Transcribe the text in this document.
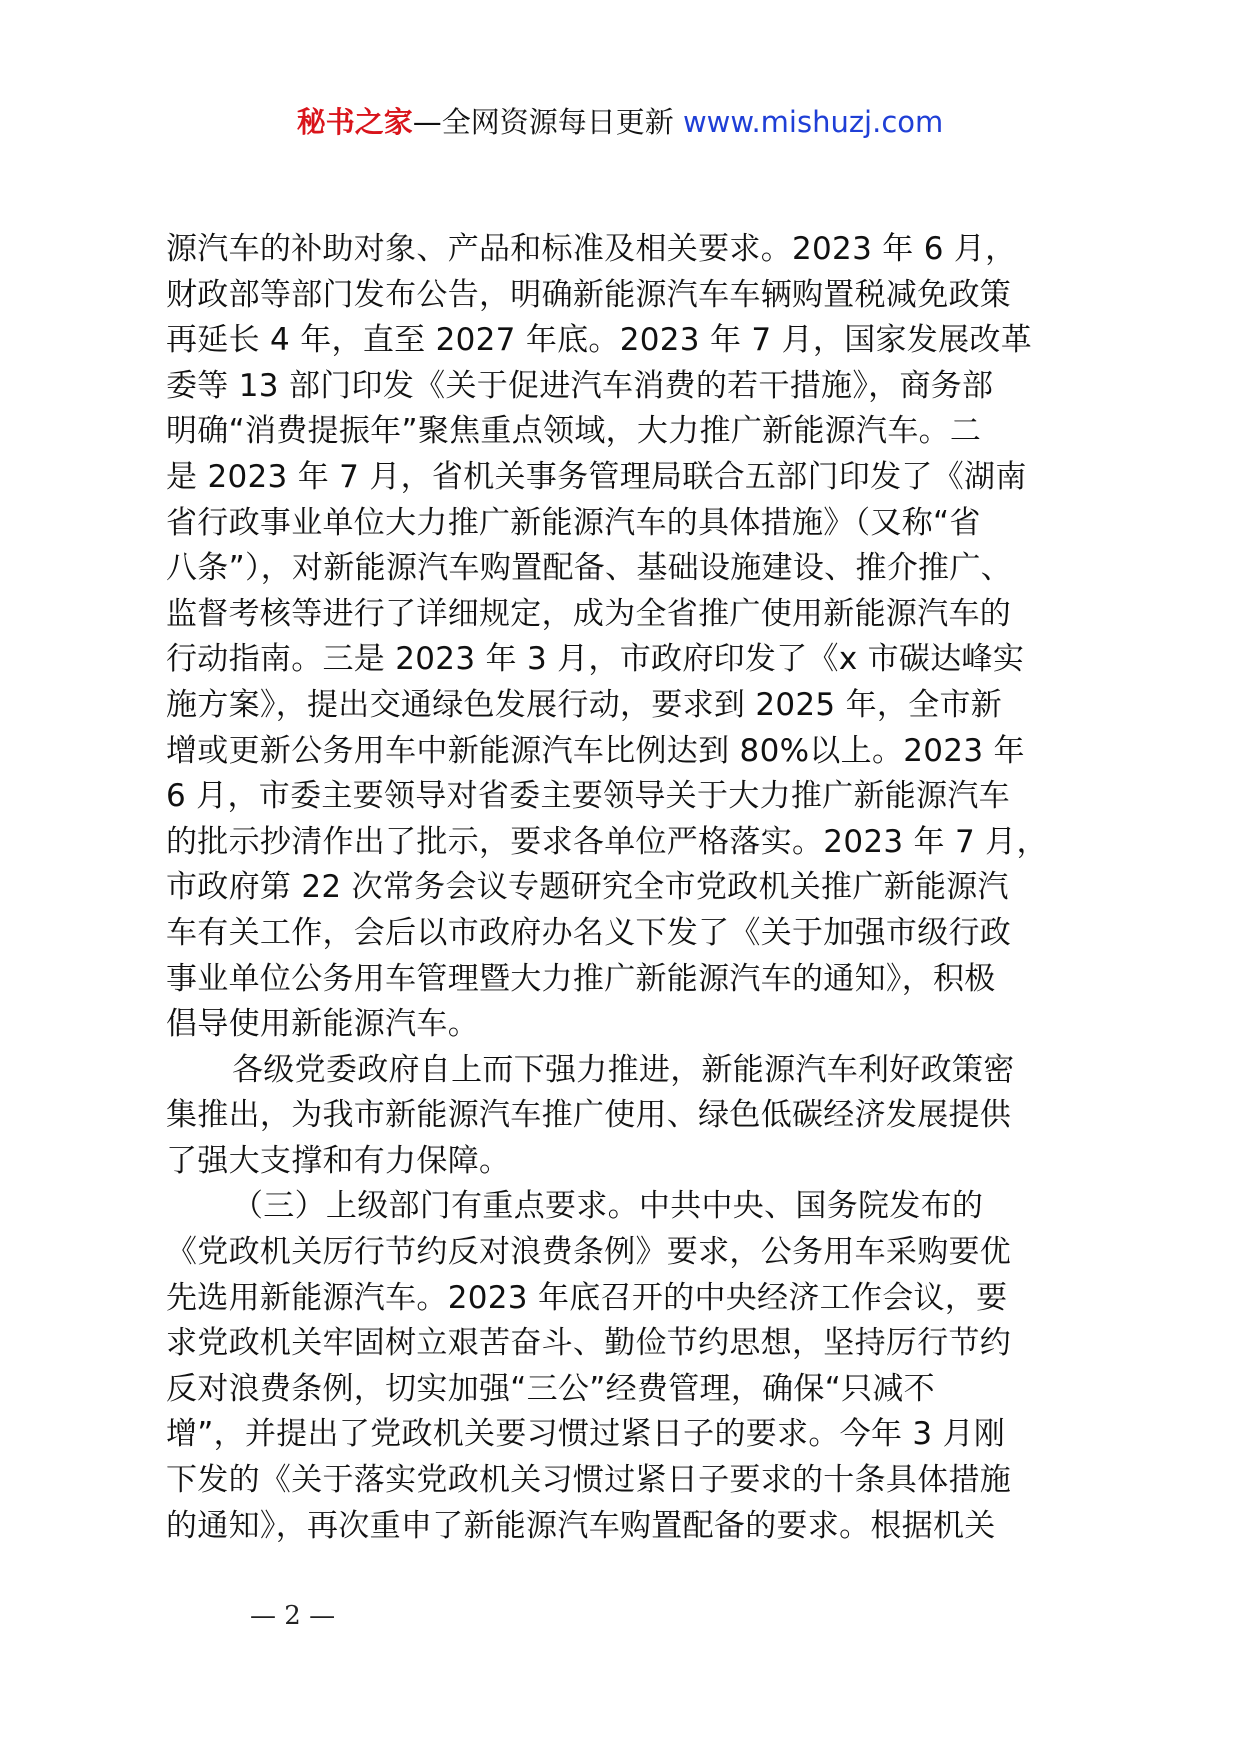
秘书之家—全网资源每日更新 www.mishuzj.com
源汽车的补助对象、产品和标准及相关要求。2023 年 6 月，
财政部等部门发布公告，明确新能源汽车车辆购置税减免政策
再延长 4 年，直至 2027 年底。2023 年 7 月，国家发展改革
委等 13 部门印发《关于促进汽车消费的若干措施》，商务部
明确“消费提振年”聚焦重点领域，大力推广新能源汽车。二
是 2023 年 7 月，省机关事务管理局联合五部门印发了《湖南
省行政事业单位大力推广新能源汽车的具体措施》（又称“省
八条”），对新能源汽车购置配备、基础设施建设、推介推广、
监督考核等进行了详细规定，成为全省推广使用新能源汽车的
行动指南。三是 2023 年 3 月，市政府印发了《x 市碳达峰实
施方案》，提出交通绿色发展行动，要求到 2025 年，全市新
增或更新公务用车中新能源汽车比例达到 80%以上。2023 年
6 月，市委主要领导对省委主要领导关于大力推广新能源汽车
的批示抄清作出了批示，要求各单位严格落实。2023 年 7 月，
市政府第 22 次常务会议专题研究全市党政机关推广新能源汽
车有关工作，会后以市政府办名义下发了《关于加强市级行政
事业单位公务用车管理暨大力推广新能源汽车的通知》，积极
倡导使用新能源汽车。
各级党委政府自上而下强力推进，新能源汽车利好政策密
集推出，为我市新能源汽车推广使用、绿色低碳经济发展提供
了强大支撑和有力保障。
（三）上级部门有重点要求。中共中央、国务院发布的
《党政机关厉行节约反对浪费条例》要求，公务用车采购要优
先选用新能源汽车。2023 年底召开的中央经济工作会议，要
求党政机关牢固树立艰苦奋斗、勤俭节约思想，坚持厉行节约
反对浪费条例，切实加强“三公”经费管理，确保“只减不
增”，并提出了党政机关要习惯过紧日子的要求。今年 3 月刚
下发的《关于落实党政机关习惯过紧日子要求的十条具体措施
的通知》，再次重申了新能源汽车购置配备的要求。根据机关
— 2 —
